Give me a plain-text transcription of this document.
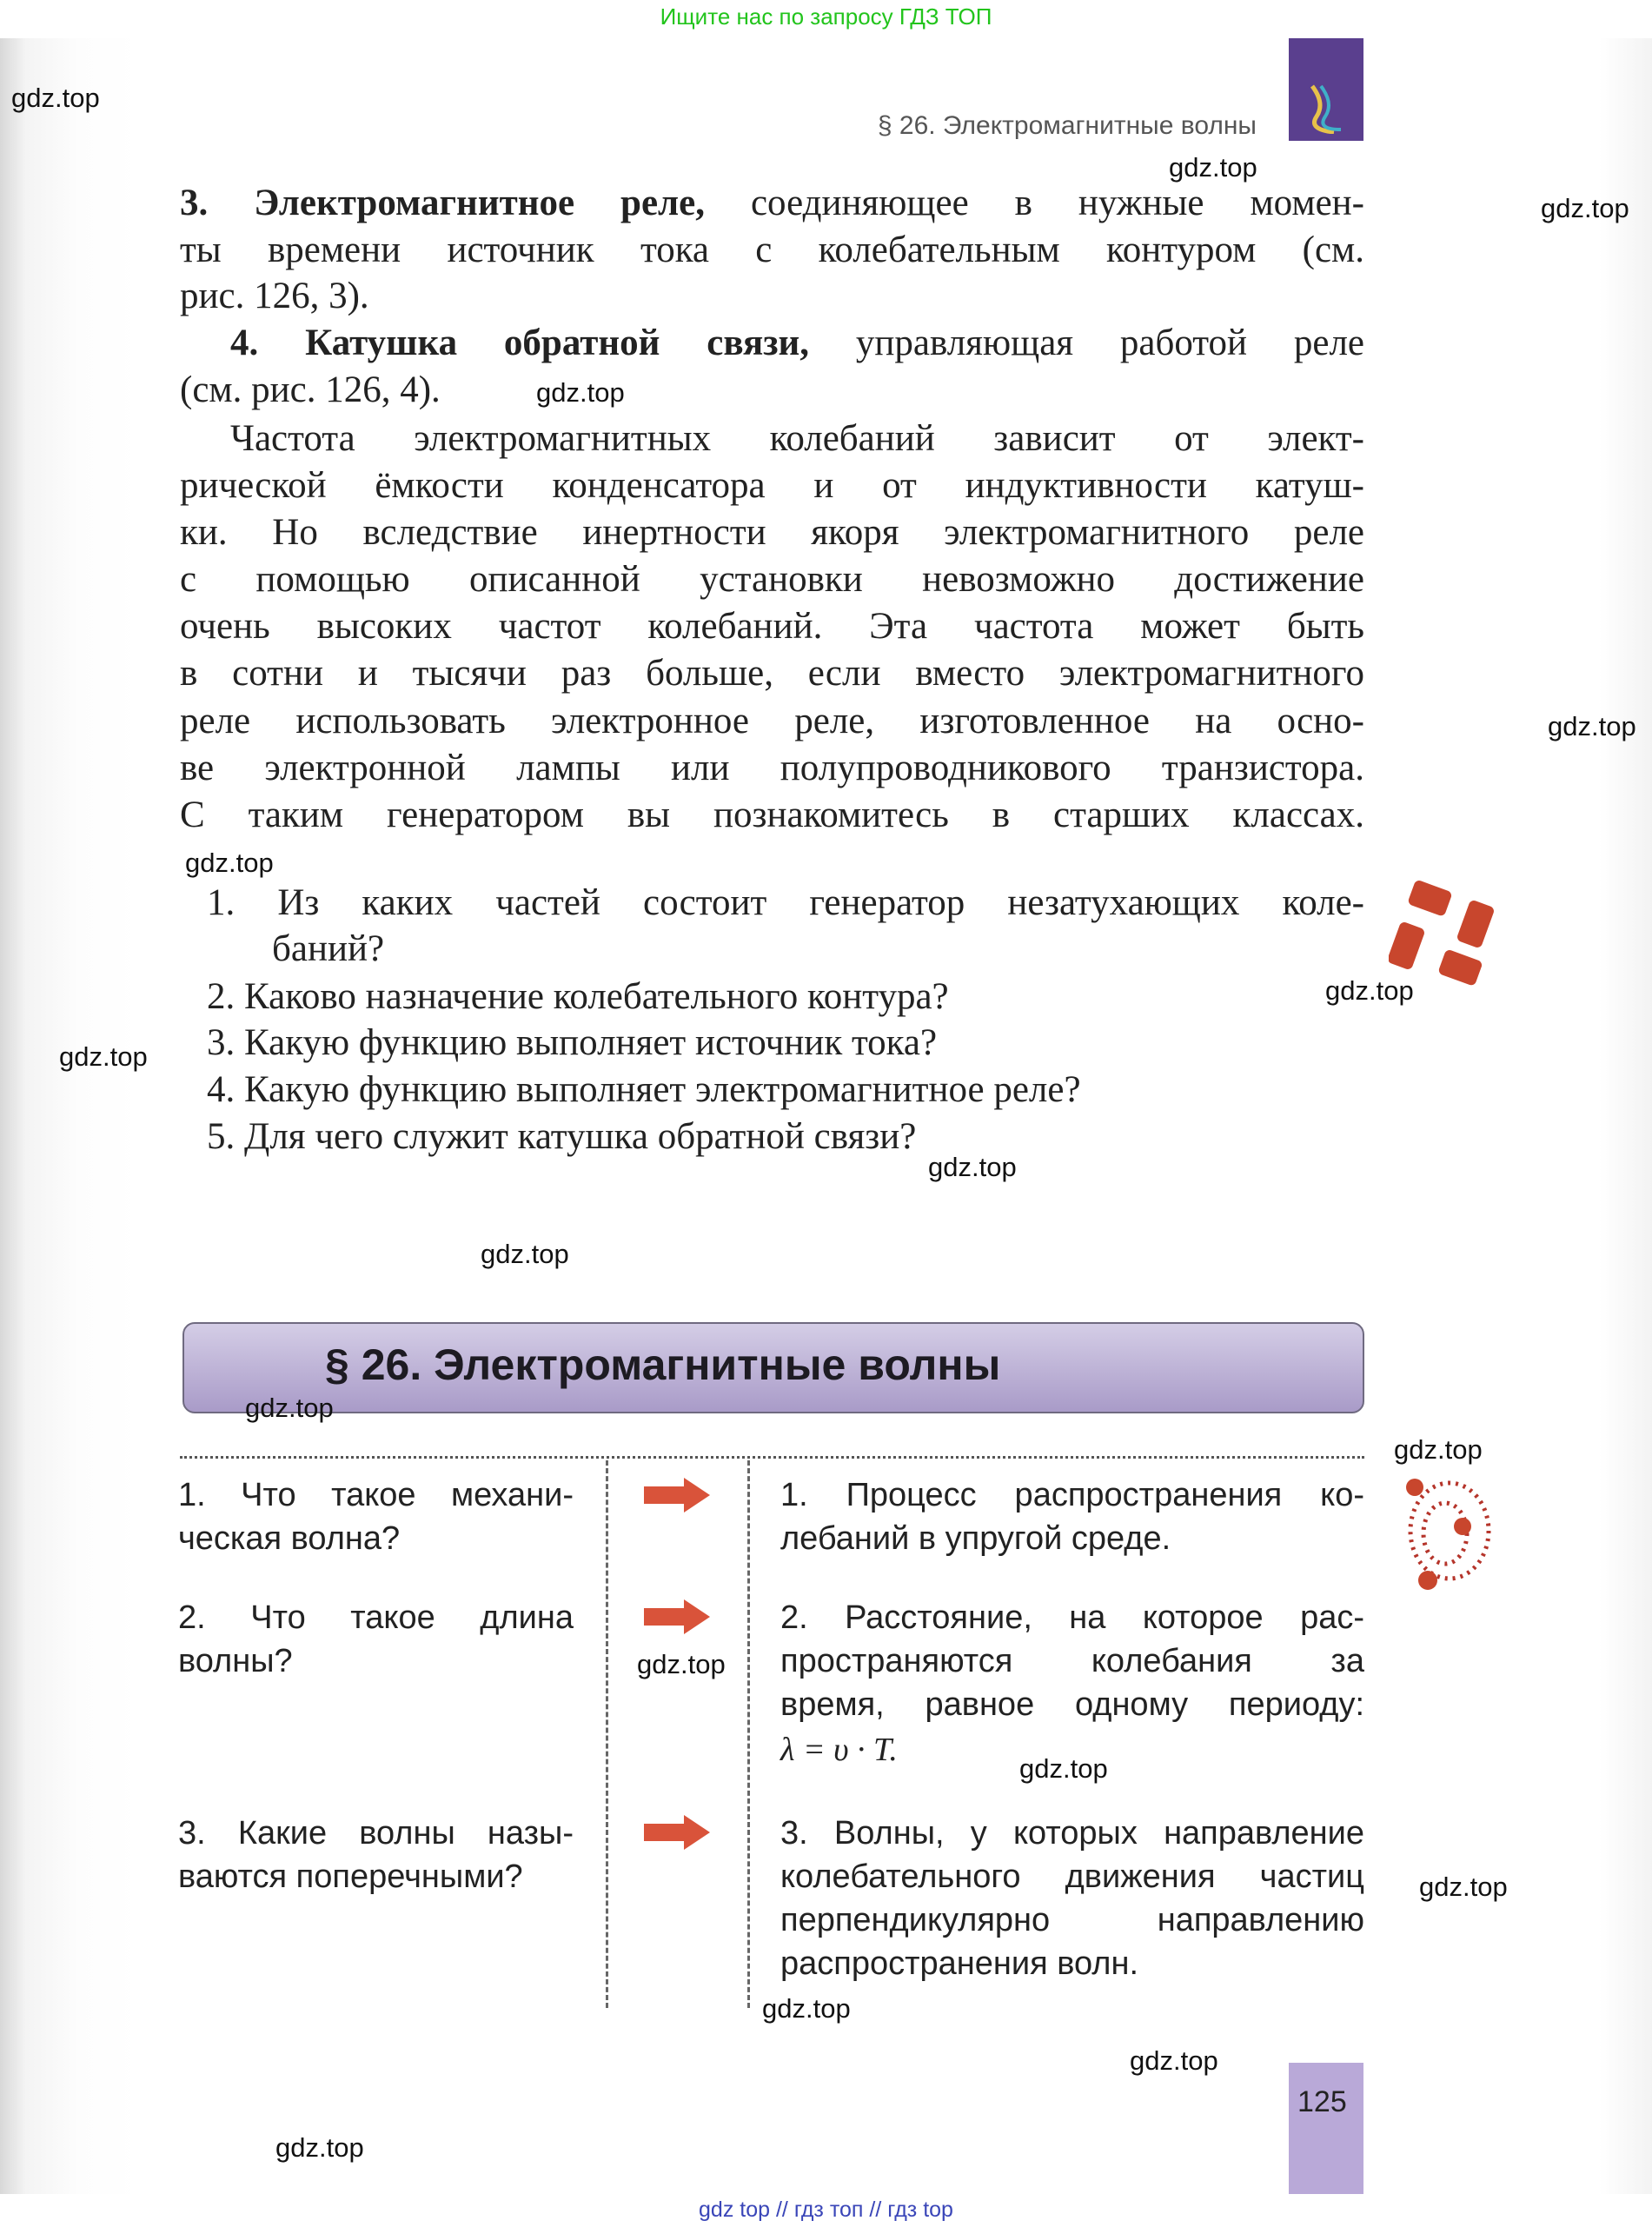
Ищите нас по запросу ГДЗ ТОП
§ 26. Электромагнитные волны
3. Электромагнитное реле, соединяющее в нужные момен-
ты времени источник тока с колебательным контуром (см.
рис. 126, 3).
4. Катушка обратной связи, управляющая работой реле
(см. рис. 126, 4).
Частота электромагнитных колебаний зависит от элект-
рической ёмкости конденсатора и от индуктивности катуш-
ки. Но вследствие инертности якоря электромагнитного реле
с помощью описанной установки невозможно достижение
очень высоких частот колебаний. Эта частота может быть
в сотни и тысячи раз больше, если вместо электромагнитного
реле использовать электронное реле, изготовленное на осно-
ве электронной лампы или полупроводникового транзистора.
С таким генератором вы познакомитесь в старших классах.
1. Из каких частей состоит генератор незатухающих коле-
баний?
2. Каково назначение колебательного контура?
3. Какую функцию выполняет источник тока?
4. Какую функцию выполняет электромагнитное реле?
5. Для чего служит катушка обратной связи?
§ 26. Электромагнитные волны
1. Что такое механи-
ческая волна?
1. Процесс распространения ко-
лебаний в упругой среде.
2. Что такое длина
волны?
2. Расстояние, на которое рас-
пространяются колебания за
время, равное одному периоду:
λ = υ · T.
3. Какие волны назы-
ваются поперечными?
3. Волны, у которых направление
колебательного движения частиц
перпендикулярно направлению
распространения волн.
125
gdz.top
gdz.top
gdz.top
gdz.top
gdz.top
gdz.top
gdz.top
gdz.top
gdz.top
gdz.top
gdz.top
gdz.top
gdz.top
gdz.top
gdz.top
gdz.top
gdz.top
gdz.top
gdz top // гдз топ // гдз top
